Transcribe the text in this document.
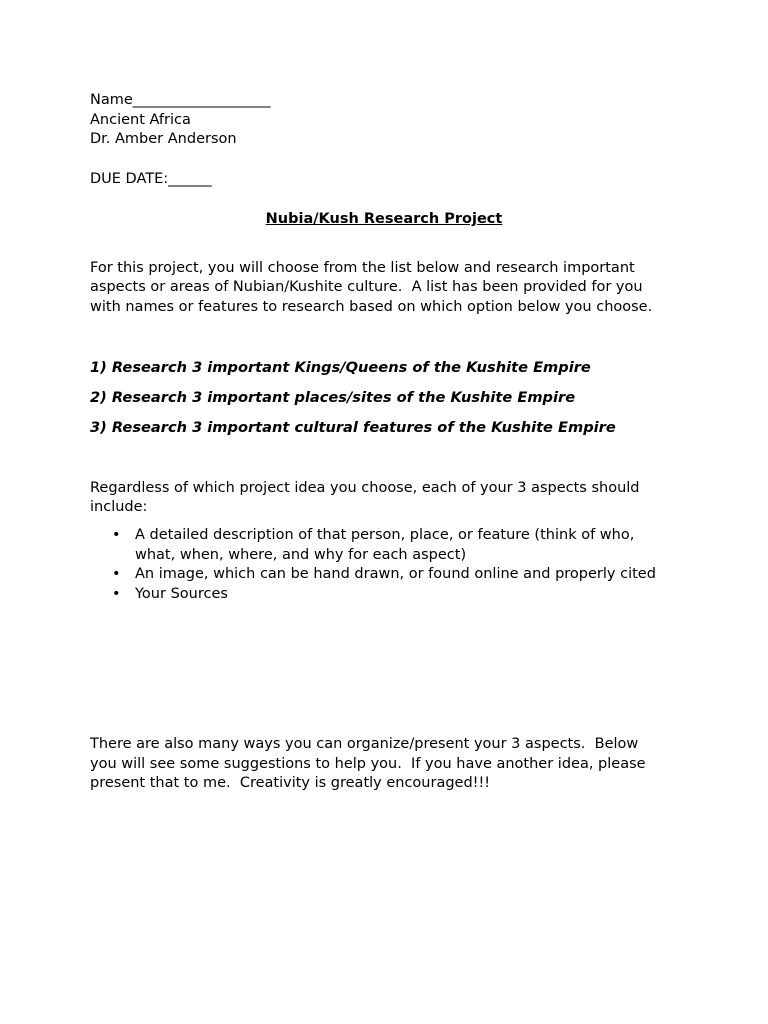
Name___________________
Ancient Africa
Dr. Amber Anderson
DUE DATE:______
Nubia/Kush Research Project
For this project, you will choose from the list below and research important
aspects or areas of Nubian/Kushite culture.  A list has been provided for you
with names or features to research based on which option below you choose.
1) Research 3 important Kings/Queens of the Kushite Empire
2) Research 3 important places/sites of the Kushite Empire
3) Research 3 important cultural features of the Kushite Empire
Regardless of which project idea you choose, each of your 3 aspects should
include:
• A detailed description of that person, place, or feature (think of who,
what, when, where, and why for each aspect)
• An image, which can be hand drawn, or found online and properly cited
• Your Sources
There are also many ways you can organize/present your 3 aspects.  Below
you will see some suggestions to help you.  If you have another idea, please
present that to me.  Creativity is greatly encouraged!!!
